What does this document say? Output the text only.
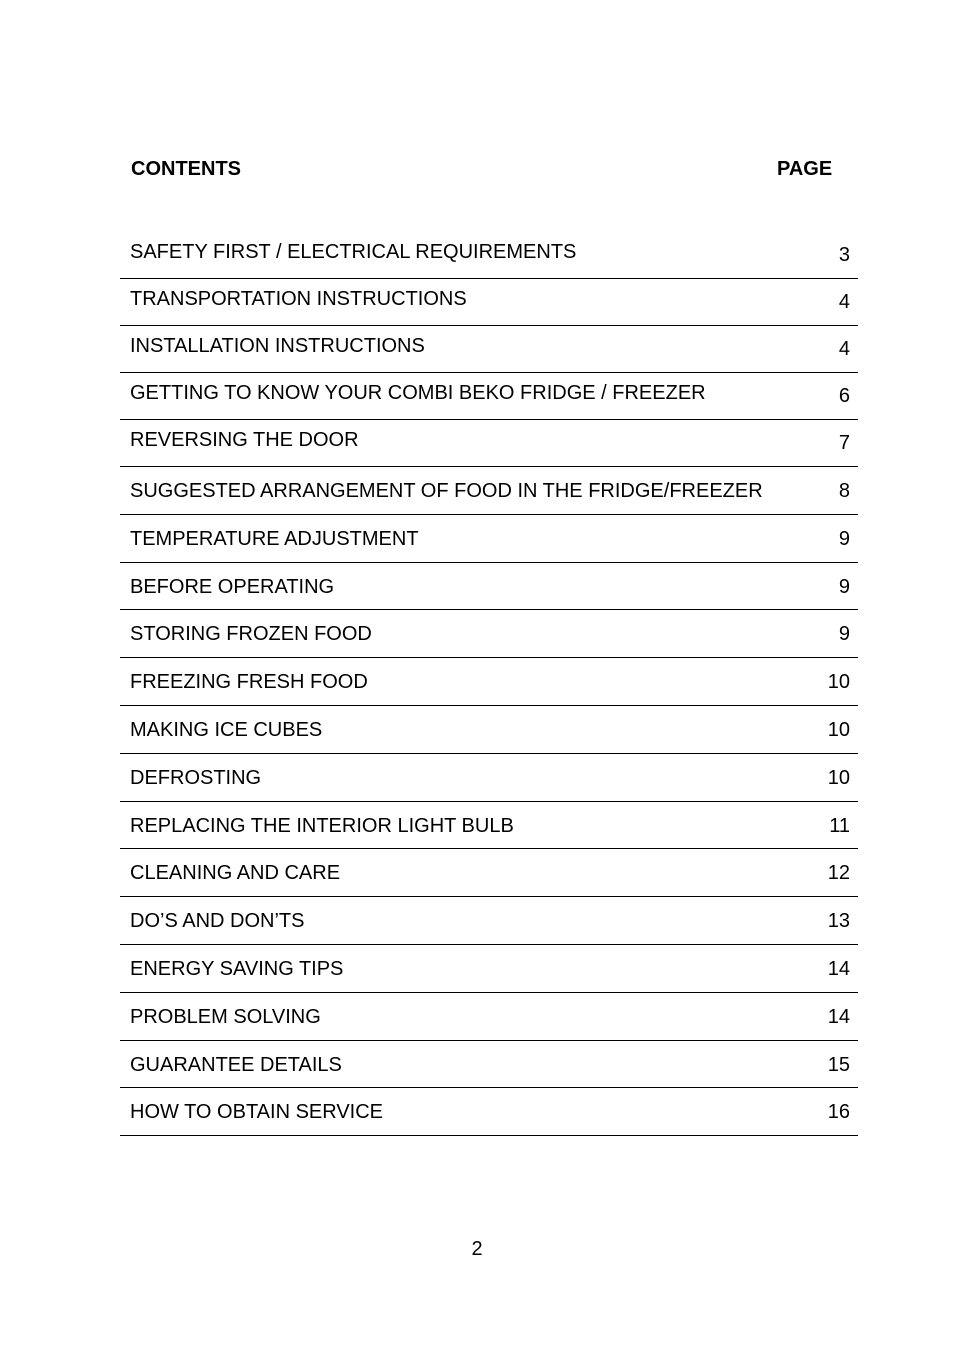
CONTENTS	PAGE
SAFETY FIRST / ELECTRICAL REQUIREMENTS	3
TRANSPORTATION INSTRUCTIONS	4
INSTALLATION INSTRUCTIONS	4
GETTING TO KNOW YOUR COMBI BEKO FRIDGE / FREEZER	6
REVERSING THE DOOR	7
SUGGESTED ARRANGEMENT OF FOOD IN THE FRIDGE/FREEZER	8
TEMPERATURE ADJUSTMENT	9
BEFORE OPERATING	9
STORING FROZEN FOOD	9
FREEZING FRESH FOOD	10
MAKING ICE CUBES	10
DEFROSTING	10
REPLACING THE INTERIOR LIGHT BULB	11
CLEANING AND CARE	12
DO’S AND DON’TS	13
ENERGY SAVING TIPS	14
PROBLEM SOLVING	14
GUARANTEE DETAILS	15
HOW TO OBTAIN SERVICE	16
2
